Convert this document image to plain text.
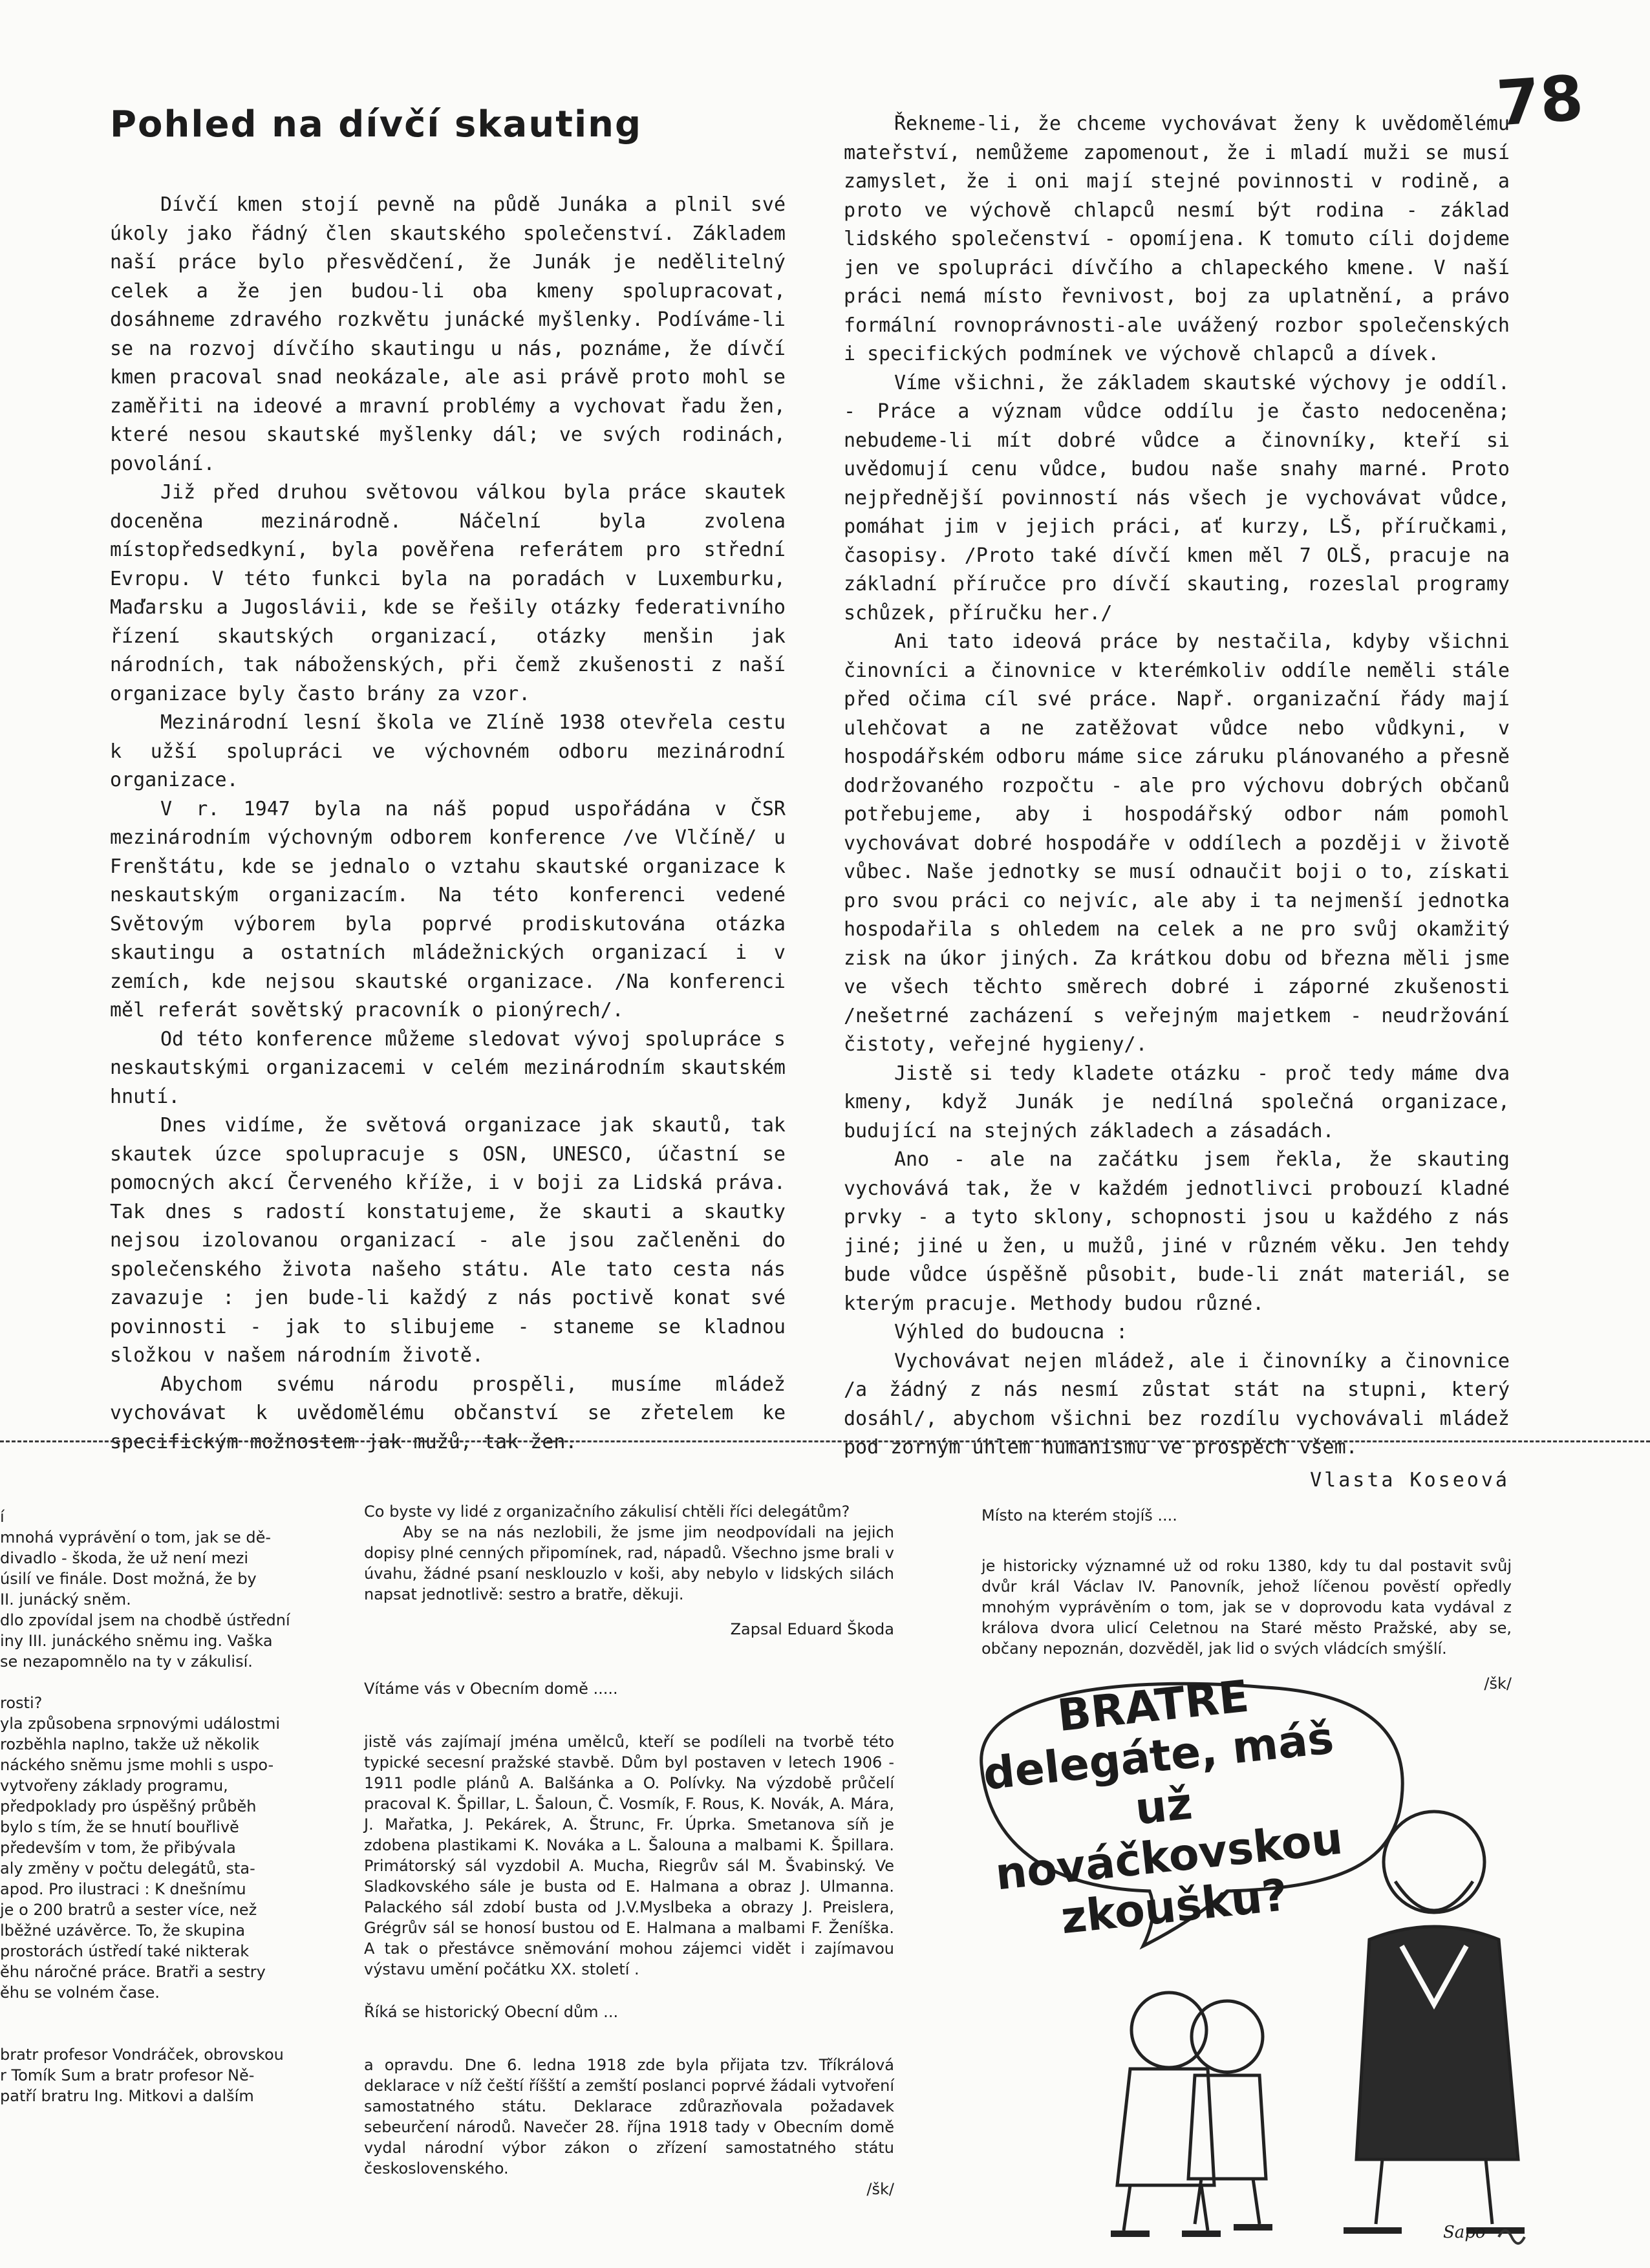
Pohled na dívčí skauting	78

Dívčí kmen stojí pevně na půdě Junáka a plnil své úkoly jako řádný člen skautského společenství. Základem naší práce bylo přesvědčení, že Junák je nedělitelný celek a že jen budou-li oba kmeny spolupracovat, dosáhneme zdravého rozkvětu junácké myšlenky. Podíváme-li se na rozvoj dívčího skautingu u nás, poznáme, že dívčí kmen pracoval snad neokázale, ale asi právě proto mohl se zaměřiti na ideové a mravní problémy a vychovat řadu žen, které nesou skautské myšlenky dál; ve svých rodinách, povolání.

Již před druhou světovou válkou byla práce skautek doceněna mezinárodně. Náčelní byla zvolena místopředsedkyní, byla pověřena referátem pro střední Evropu. V této funkci byla na poradách v Luxemburku, Maďarsku a Jugoslávii, kde se řešily otázky federativního řízení skautských organizací, otázky menšin jak národních, tak náboženských, při čemž zkušenosti z naší organizace byly často brány za vzor.

Mezinárodní lesní škola ve Zlíně 1938 otevřela cestu k užší spolupráci ve výchovném odboru mezinárodní organizace.

V r. 1947 byla na náš popud uspořádána v ČSR mezinárodním výchovným odborem konference /ve Vlčíně/ u Frenštátu, kde se jednalo o vztahu skautské organizace k neskautským organizacím. Na této konferenci vedené Světovým výborem byla poprvé prodiskutována otázka skautingu a ostatních mládežnických organizací i v zemích, kde nejsou skautské organizace. /Na konferenci měl referát sovětský pracovník o pionýrech/.

Od této konference můžeme sledovat vývoj spolupráce s neskautskými organizacemi v celém mezinárodním skautském hnutí.

Dnes vidíme, že světová organizace jak skautů, tak skautek úzce spolupracuje s OSN, UNESCO, účastní se pomocných akcí Červeného kříže, i v boji za Lidská práva. Tak dnes s radostí konstatujeme, že skauti a skautky nejsou izolovanou organizací - ale jsou začleněni do společenského života našeho státu. Ale tato cesta nás zavazuje : jen bude-li každý z nás poctivě konat své povinnosti - jak to slibujeme - staneme se kladnou složkou v našem národním životě.

Abychom svému národu prospěli, musíme mládež vychovávat k uvědomělému občanství se zřetelem ke specifickým možnostem jak mužů, tak žen.

Řekneme-li, že chceme vychovávat ženy k uvědomělému mateřství, nemůžeme zapomenout, že i mladí muži se musí zamyslet, že i oni mají stejné povinnosti v rodině, a proto ve výchově chlapců nesmí být rodina - základ lidského společenství - opomíjena. K tomuto cíli dojdeme jen ve spolupráci dívčího a chlapeckého kmene. V naší práci nemá místo řevnivost, boj za uplatnění, a právo formální rovnoprávnosti-ale uvážený rozbor společenských i specifických podmínek ve výchově chlapců a dívek.

Víme všichni, že základem skautské výchovy je oddíl. - Práce a význam vůdce oddílu je často nedoceněna; nebudeme-li mít dobré vůdce a činovníky, kteří si uvědomují cenu vůdce, budou naše snahy marné. Proto nejpřednější povinností nás všech je vychovávat vůdce, pomáhat jim v jejich práci, ať kurzy, LŠ, příručkami, časopisy. /Proto také dívčí kmen měl 7 OLŠ, pracuje na základní příručce pro dívčí skauting, rozeslal programy schůzek, příručku her./

Ani tato ideová práce by nestačila, kdyby všichni činovníci a činovnice v kterémkoliv oddíle neměli stále před očima cíl své práce. Např. organizační řády mají ulehčovat a ne zatěžovat vůdce nebo vůdkyni, v hospodářském odboru máme sice záruku plánovaného a přesně dodržovaného rozpočtu - ale pro výchovu dobrých občanů potřebujeme, aby i hospodářský odbor nám pomohl vychovávat dobré hospodáře v oddílech a později v životě vůbec. Naše jednotky se musí odnaučit boji o to, získati pro svou práci co nejvíc, ale aby i ta nejmenší jednotka hospodařila s ohledem na celek a ne pro svůj okamžitý zisk na úkor jiných. Za krátkou dobu od března měli jsme ve všech těchto směrech dobré i záporné zkušenosti /nešetrné zacházení s veřejným majetkem - neudržování čistoty, veřejné hygieny/.

Jistě si tedy kladete otázku - proč tedy máme dva kmeny, když Junák je nedílná společná organizace, budující na stejných základech a zásadách.

Ano - ale na začátku jsem řekla, že skauting vychovává tak, že v každém jednotlivci probouzí kladné prvky - a tyto sklony, schopnosti jsou u každého z nás jiné; jiné u žen, u mužů, jiné v různém věku. Jen tehdy bude vůdce úspěšně působit, bude-li znát materiál, se kterým pracuje. Methody budou různé.

Výhled do budoucna :

Vychovávat nejen mládež, ale i činovníky a činovnice /a žádný z nás nesmí zůstat stát na stupni, který dosáhl/, abychom všichni bez rozdílu vychovávali mládež pod zorným úhlem humanismu ve prospěch všem.

Vlasta Koseová
í
mnohá vyprávění o tom, jak se dě-
divadlo - škoda, že už není mezi
úsilí ve finále. Dost možná, že by
II. junácký sněm.
dlo zpovídal jsem na chodbě ústřední
iny III. junáckého sněmu ing. Vaška
se nezapomnělo na ty v zákulisí.
rosti?
yla způsobena srpnovými událostmi
rozběhla naplno, takže už několik
náckého sněmu jsme mohli s uspo-
vytvořeny základy programu,
předpoklady pro úspěšný průběh
bylo s tím, že se hnutí bouřlivě
především v tom, že přibývala
aly změny v počtu delegátů, sta-
apod. Pro ilustraci : K dnešnímu
je o 200 bratrů a sester více, než
lběžné uzávěrce. To, že skupina
prostorách ústředí také nikterak
ěhu náročné práce. Bratři a sestry
ěhu se volném čase.
bratr profesor Vondráček, obrovskou
r Tomík Sum a bratr profesor Ně-
patří bratru Ing. Mitkovi a dalším

Co byste vy lidé z organizačního zákulisí chtěli říci delegátům?

Aby se na nás nezlobili, že jsme jim neodpovídali na jejich dopisy plné cenných připomínek, rad, nápadů. Všechno jsme brali v úvahu, žádné psaní nesklouzlo v koši, aby nebylo v lidských silách napsat jednotlivě: sestro a bratře, děkuji.

Zapsal Eduard Škoda

Vítáme vás v Obecním domě .....

jistě vás zajímají jména umělců, kteří se podíleli na tvorbě této typické secesní pražské stavbě. Dům byl postaven v letech 1906 - 1911 podle plánů A. Balšánka a O. Polívky. Na výzdobě průčelí pracoval K. Špillar, L. Šaloun, Č. Vosmík, F. Rous, K. Novák, A. Mára, J. Mařatka, J. Pekárek, A. Štrunc, Fr. Úprka. Smetanova síň je zdobena plastikami K. Nováka a L. Šalouna a malbami K. Špillara. Primátorský sál vyzdobil A. Mucha, Riegrův sál M. Švabinský. Ve Sladkovského sále je busta od E. Halmana a obraz J. Ulmanna. Palackého sál zdobí busta od J.V.Myslbeka a obrazy J. Preislera, Grégrův sál se honosí bustou od E. Halmana a malbami F. Ženíška. A tak o přestávce sněmování mohou zájemci vidět i zajímavou výstavu umění počátku XX. století .

Říká se historický Obecní dům ...

a opravdu. Dne 6. ledna 1918 zde byla přijata tzv. Tříkrálová deklarace v níž čeští říšští a zemští poslanci poprvé žádali vytvoření samostatného státu. Deklarace zdůrazňovala požadavek sebeurčení národů. Navečer 28. října 1918 tady v Obecním domě vydal národní výbor zákon o zřízení samostatného státu československého.

/šk/

Místo na kterém stojíš ....

je historicky významné už od roku 1380, kdy tu dal postavit svůj dvůr král Václav IV. Panovník, jehož líčenou pověstí opředly mnohým vyprávěním o tom, jak se v doprovodu kata vydával z králova dvora ulicí Celetnou na Staré město Pražské, aby se, občany nepoznán, dozvěděl, jak lid o svých vládcích smýšlí.

/šk/

BRATRE delegáte, máš už nováčkovskou zkoušku?
Sapo
